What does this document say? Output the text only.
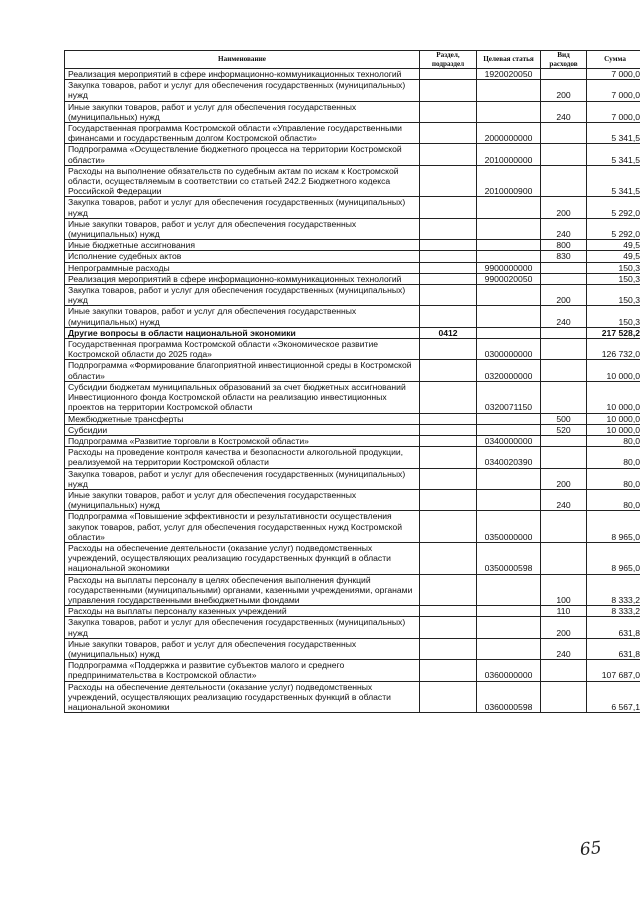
Наименование	Раздел, подраздел	Целевая статья	Вид расходов	Сумма
Реализация мероприятий в сфере информационно-коммуникационных технологий		1920020050		7 000,0
Закупка товаров, работ и услуг для обеспечения государственных (муниципальных) нужд			200	7 000,0
Иные закупки товаров, работ и услуг для обеспечения государственных (муниципальных) нужд			240	7 000,0
Государственная программа Костромской области «Управление государственными финансами и государственным долгом Костромской области»		2000000000		5 341,5
Подпрограмма «Осуществление бюджетного процесса на территории Костромской области»		2010000000		5 341,5
Расходы на выполнение обязательств по судебным актам по искам к Костромской области, осуществляемым в соответствии со статьей 242.2 Бюджетного кодекса Российской Федерации		2010000900		5 341,5
Закупка товаров, работ и услуг для обеспечения государственных (муниципальных) нужд			200	5 292,0
Иные закупки товаров, работ и услуг для обеспечения государственных (муниципальных) нужд			240	5 292,0
Иные бюджетные ассигнования			800	49,5
Исполнение судебных актов			830	49,5
Непрограммные расходы		9900000000		150,3
Реализация мероприятий в сфере информационно-коммуникационных технологий		9900020050		150,3
Закупка товаров, работ и услуг для обеспечения государственных (муниципальных) нужд			200	150,3
Иные закупки товаров, работ и услуг для обеспечения государственных (муниципальных) нужд			240	150,3
Другие вопросы в области национальной экономики	0412			217 528,2
Государственная программа Костромской области «Экономическое развитие Костромской области до 2025 года»		0300000000		126 732,0
Подпрограмма «Формирование благоприятной инвестиционной среды в Костромской области»		0320000000		10 000,0
Субсидии бюджетам муниципальных образований за счет бюджетных ассигнований Инвестиционного фонда Костромской области на реализацию инвестиционных проектов на территории Костромской области		0320071150		10 000,0
Межбюджетные трансферты			500	10 000,0
Субсидии			520	10 000,0
Подпрограмма «Развитие торговли в Костромской области»		0340000000		80,0
Расходы на проведение контроля качества и безопасности алкогольной продукции, реализуемой на территории Костромской области		0340020390		80,0
Закупка товаров, работ и услуг для обеспечения государственных (муниципальных) нужд			200	80,0
Иные закупки товаров, работ и услуг для обеспечения государственных (муниципальных) нужд			240	80,0
Подпрограмма «Повышение эффективности и результативности осуществления закупок товаров, работ, услуг для обеспечения государственных нужд Костромской области»		0350000000		8 965,0
Расходы на обеспечение деятельности (оказание услуг) подведомственных учреждений, осуществляющих реализацию государственных функций в области национальной экономики		0350000598		8 965,0
Расходы на выплаты персоналу в целях обеспечения выполнения функций государственными (муниципальными) органами, казенными учреждениями, органами управления государственными внебюджетными фондами			100	8 333,2
Расходы на выплаты персоналу казенных учреждений			110	8 333,2
Закупка товаров, работ и услуг для обеспечения государственных (муниципальных) нужд			200	631,8
Иные закупки товаров, работ и услуг для обеспечения государственных (муниципальных) нужд			240	631,8
Подпрограмма «Поддержка и развитие субъектов малого и среднего предпринимательства в Костромской области»		0360000000		107 687,0
Расходы на обеспечение деятельности (оказание услуг) подведомственных учреждений, осуществляющих реализацию государственных функций в области национальной экономики		0360000598		6 567,1
65
